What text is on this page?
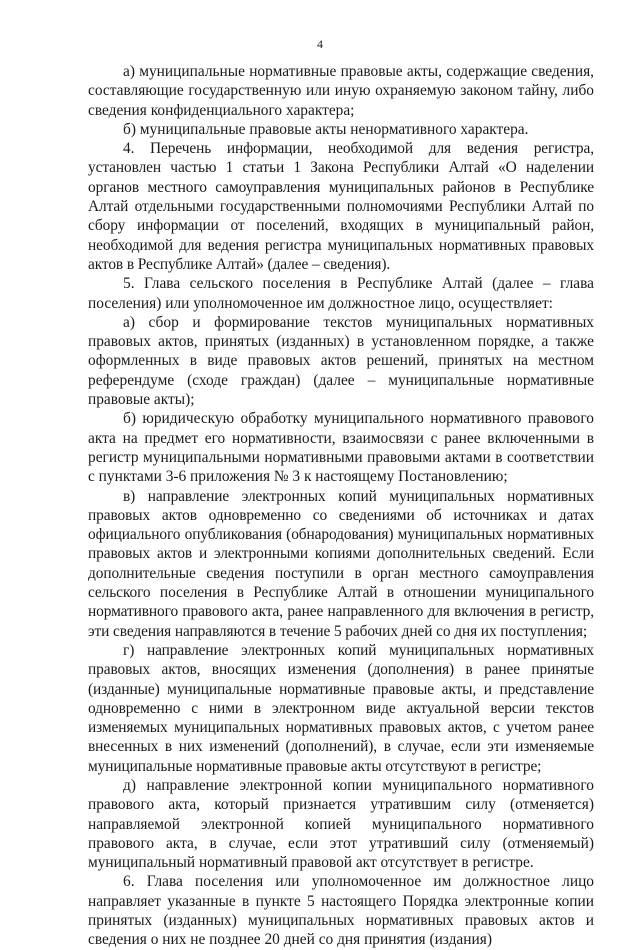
4

а) муниципальные нормативные правовые акты, содержащие сведения, составляющие государственную или иную охраняемую законом тайну, либо сведения конфиденциального характера;

б) муниципальные правовые акты ненормативного характера.

4. Перечень информации, необходимой для ведения регистра, установлен частью 1 статьи 1 Закона Республики Алтай «О наделении органов местного самоуправления муниципальных районов в Республике Алтай отдельными государственными полномочиями Республики Алтай по сбору информации от поселений, входящих в муниципальный район, необходимой для ведения регистра муниципальных нормативных правовых актов в Республике Алтай» (далее – сведения).

5. Глава сельского поселения в Республике Алтай (далее – глава поселения) или уполномоченное им должностное лицо, осуществляет:

а) сбор и формирование текстов муниципальных нормативных правовых актов, принятых (изданных) в установленном порядке, а также оформленных в виде правовых актов решений, принятых на местном референдуме (сходе граждан) (далее – муниципальные нормативные правовые акты);

б) юридическую обработку муниципального нормативного правового акта на предмет его нормативности, взаимосвязи с ранее включенными в регистр муниципальными нормативными правовыми актами в соответствии с пунктами 3-6 приложения № 3 к настоящему Постановлению;

в) направление электронных копий муниципальных нормативных правовых актов одновременно со сведениями об источниках и датах официального опубликования (обнародования) муниципальных нормативных правовых актов и электронными копиями дополнительных сведений. Если дополнительные сведения поступили в орган местного самоуправления сельского поселения в Республике Алтай в отношении муниципального нормативного правового акта, ранее направленного для включения в регистр, эти сведения направляются в течение 5 рабочих дней со дня их поступления;

г) направление электронных копий муниципальных нормативных правовых актов, вносящих изменения (дополнения) в ранее принятые (изданные) муниципальные нормативные правовые акты, и представление одновременно с ними в электронном виде актуальной версии текстов изменяемых муниципальных нормативных правовых актов, с учетом ранее внесенных в них изменений (дополнений), в случае, если эти изменяемые муниципальные нормативные правовые акты отсутствуют в регистре;

д) направление электронной копии муниципального нормативного правового акта, который признается утратившим силу (отменяется) направляемой электронной копией муниципального нормативного правового акта, в случае, если этот утративший силу (отменяемый) муниципальный нормативный правовой акт отсутствует в регистре.

6. Глава поселения или уполномоченное им должностное лицо направляет указанные в пункте 5 настоящего Порядка электронные копии принятых (изданных) муниципальных нормативных правовых актов и сведения о них не позднее 20 дней со дня принятия (издания)
